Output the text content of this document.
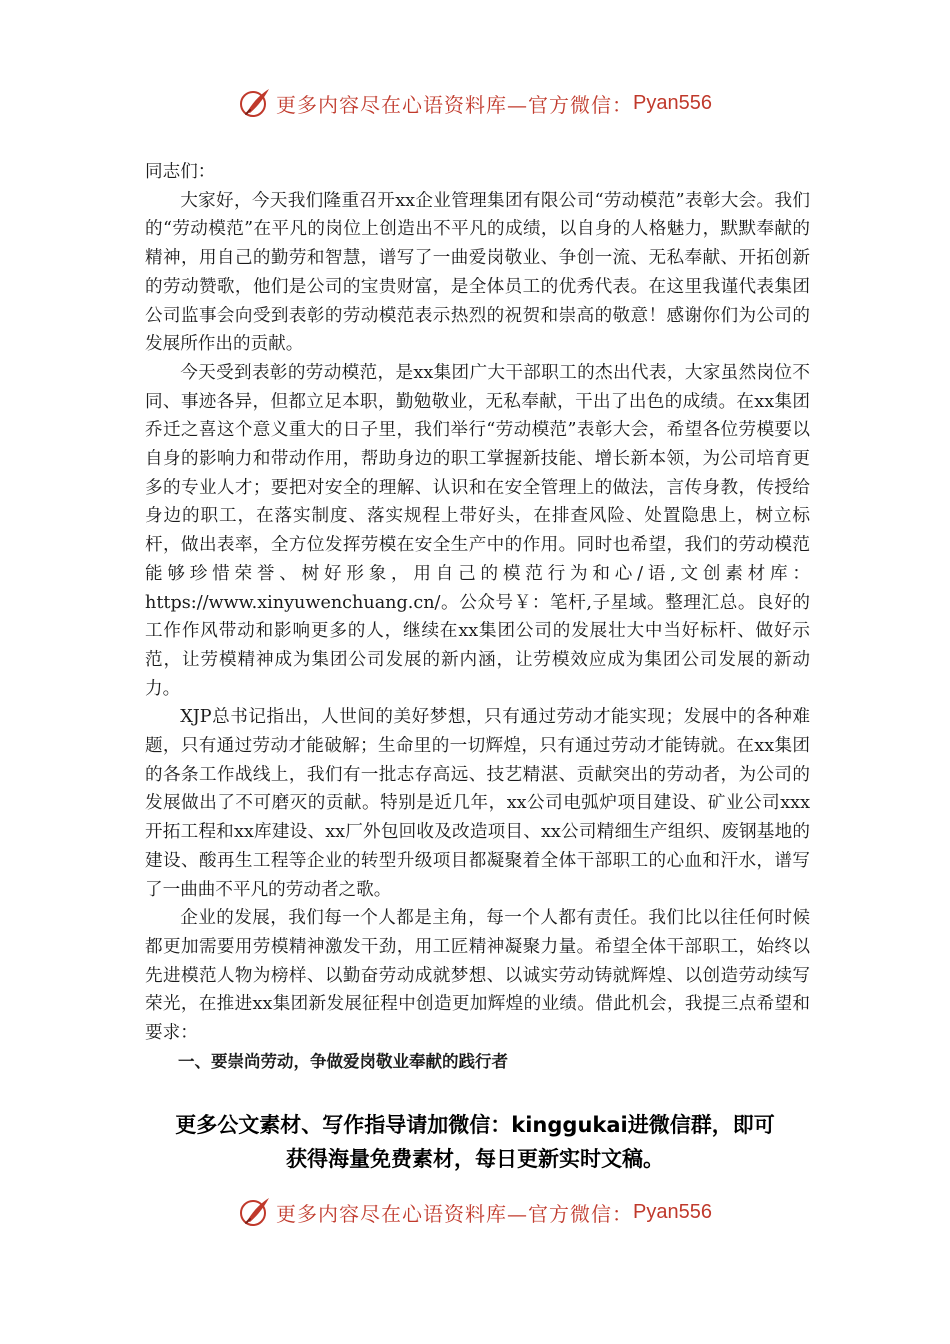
更多内容尽在心语资料库—官方微信： Pyan556

同志们：

大家好，今天我们隆重召开xx企业管理集团有限公司“劳动模范”表彰大会。我们的“劳动模范”在平凡的岗位上创造出不平凡的成绩，以自身的人格魅力，默默奉献的精神，用自己的勤劳和智慧，谱写了一曲爱岗敬业、争创一流、无私奉献、开拓创新的劳动赞歌，他们是公司的宝贵财富，是全体员工的优秀代表。在这里我谨代表集团公司监事会向受到表彰的劳动模范表示热烈的祝贺和崇高的敬意！感谢你们为公司的发展所作出的贡献。

今天受到表彰的劳动模范，是xx集团广大干部职工的杰出代表，大家虽然岗位不同、事迹各异，但都立足本职，勤勉敬业，无私奉献，干出了出色的成绩。在xx集团乔迁之喜这个意义重大的日子里，我们举行“劳动模范”表彰大会，希望各位劳模要以自身的影响力和带动作用，帮助身边的职工掌握新技能、增长新本领，为公司培育更多的专业人才；要把对安全的理解、认识和在安全管理上的做法，言传身教，传授给身边的职工，在落实制度、落实规程上带好头，在排查风险、处置隐患上，树立标杆，做出表率，全方位发挥劳模在安全生产中的作用。同时也希望，我们的劳动模范能够珍惜荣誉、树好形象，用自己的模范行为和心/语,文创素材库：https://www.xinyuwenchuang.cn/。公众号￥：笔杆,子星域。整理汇总。良好的工作作风带动和影响更多的人，继续在xx集团公司的发展壮大中当好标杆、做好示范，让劳模精神成为集团公司发展的新内涵，让劳模效应成为集团公司发展的新动力。

XJP总书记指出，人世间的美好梦想，只有通过劳动才能实现；发展中的各种难题，只有通过劳动才能破解；生命里的一切辉煌，只有通过劳动才能铸就。在xx集团的各条工作战线上，我们有一批志存高远、技艺精湛、贡献突出的劳动者，为公司的发展做出了不可磨灭的贡献。特别是近几年，xx公司电弧炉项目建设、矿业公司xxx开拓工程和xx库建设、xx厂外包回收及改造项目、xx公司精细生产组织、废钢基地的建设、酸再生工程等企业的转型升级项目都凝聚着全体干部职工的心血和汗水，谱写了一曲曲不平凡的劳动者之歌。

企业的发展，我们每一个人都是主角，每一个人都有责任。我们比以往任何时候都更加需要用劳模精神激发干劲，用工匠精神凝聚力量。希望全体干部职工，始终以先进模范人物为榜样、以勤奋劳动成就梦想、以诚实劳动铸就辉煌、以创造劳动续写荣光，在推进xx集团新发展征程中创造更加辉煌的业绩。借此机会，我提三点希望和要求：

一、要崇尚劳动，争做爱岗敬业奉献的践行者

更多公文素材、写作指导请加微信：kinggukai进微信群，即可
获得海量免费素材，每日更新实时文稿。
更多内容尽在心语资料库—官方微信： Pyan556
